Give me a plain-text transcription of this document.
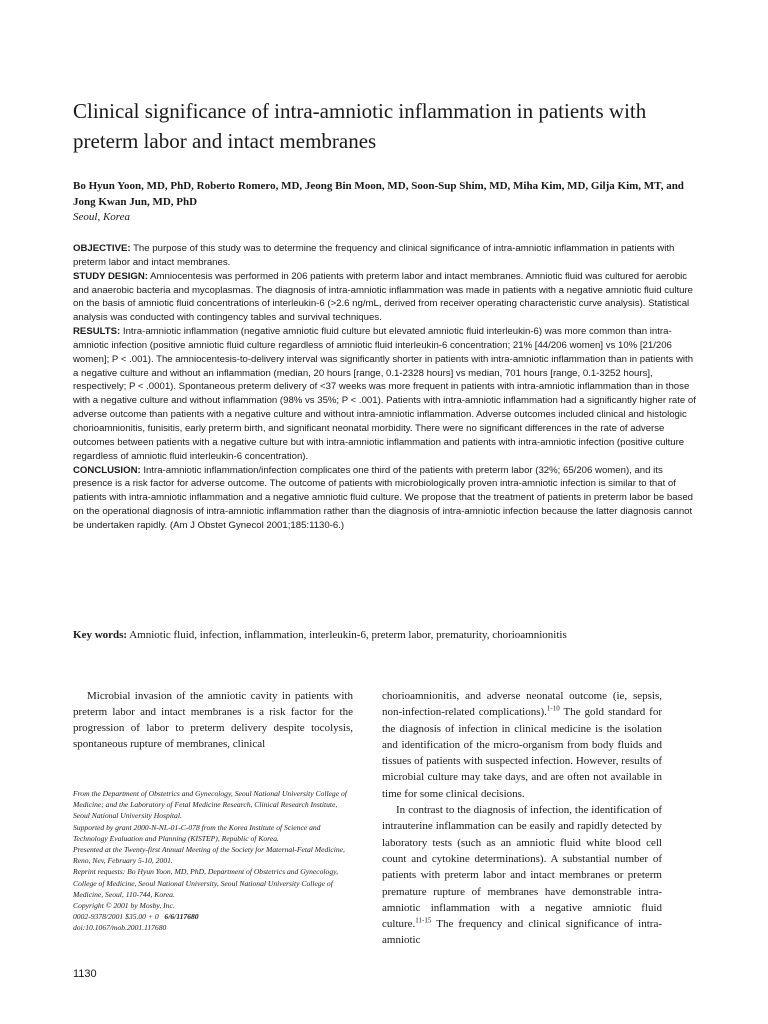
Clinical significance of intra-amniotic inflammation in patients with preterm labor and intact membranes

Bo Hyun Yoon, MD, PhD, Roberto Romero, MD, Jeong Bin Moon, MD, Soon-Sup Shim, MD, Miha Kim, MD, Gilja Kim, MT, and Jong Kwan Jun, MD, PhD

Seoul, Korea

OBJECTIVE: The purpose of this study was to determine the frequency and clinical significance of intra-amniotic inflammation in patients with preterm labor and intact membranes.

STUDY DESIGN: Amniocentesis was performed in 206 patients with preterm labor and intact membranes. Amniotic fluid was cultured for aerobic and anaerobic bacteria and mycoplasmas. The diagnosis of intra-amniotic inflammation was made in patients with a negative amniotic fluid culture on the basis of amniotic fluid concentrations of interleukin-6 (>2.6 ng/mL, derived from receiver operating characteristic curve analysis). Statistical analysis was conducted with contingency tables and survival techniques.

RESULTS: Intra-amniotic inflammation (negative amniotic fluid culture but elevated amniotic fluid interleukin-6) was more common than intra-amniotic infection (positive amniotic fluid culture regardless of amniotic fluid interleukin-6 concentration; 21% [44/206 women] vs 10% [21/206 women]; P < .001). The amniocentesis-to-delivery interval was significantly shorter in patients with intra-amniotic inflammation than in patients with a negative culture and without an inflammation (median, 20 hours [range, 0.1-2328 hours] vs median, 701 hours [range, 0.1-3252 hours], respectively; P < .0001). Spontaneous preterm delivery of <37 weeks was more frequent in patients with intra-amniotic inflammation than in those with a negative culture and without inflammation (98% vs 35%; P < .001). Patients with intra-amniotic inflammation had a significantly higher rate of adverse outcome than patients with a negative culture and without intra-amniotic inflammation. Adverse outcomes included clinical and histologic chorioamnionitis, funisitis, early preterm birth, and significant neonatal morbidity. There were no significant differences in the rate of adverse outcomes between patients with a negative culture but with intra-amniotic inflammation and patients with intra-amniotic infection (positive culture regardless of amniotic fluid interleukin-6 concentration).

CONCLUSION: Intra-amniotic inflammation/infection complicates one third of the patients with preterm labor (32%; 65/206 women), and its presence is a risk factor for adverse outcome. The outcome of patients with microbiologically proven intra-amniotic infection is similar to that of patients with intra-amniotic inflammation and a negative amniotic fluid culture. We propose that the treatment of patients in preterm labor be based on the operational diagnosis of intra-amniotic inflammation rather than the diagnosis of intra-amniotic infection because the latter diagnosis cannot be undertaken rapidly. (Am J Obstet Gynecol 2001;185:1130-6.)

Key words: Amniotic fluid, infection, inflammation, interleukin-6, preterm labor, prematurity, chorioamnionitis

Microbial invasion of the amniotic cavity in patients with preterm labor and intact membranes is a risk factor for the progression of labor to preterm delivery despite tocolysis, spontaneous rupture of membranes, clinical

From the Department of Obstetrics and Gynecology, Seoul National University College of Medicine; and the Laboratory of Fetal Medicine Research, Clinical Research Institute, Seoul National University Hospital.

Supported by grant 2000-N-NL-01-C-078 from the Korea Institute of Science and Technology Evaluation and Planning (KISTEP), Republic of Korea.

Presented at the Twenty-first Annual Meeting of the Society for Maternal-Fetal Medicine, Reno, Nev, February 5-10, 2001.

Reprint requests: Bo Hyun Yoon, MD, PhD, Department of Obstetrics and Gynecology, College of Medicine, Seoul National University, Seoul National University College of Medicine, Seoul, 110-744, Korea.

Copyright © 2001 by Mosby, Inc.

0002-9378/2001 $35.00 + 0 6/6/117680

doi:10.1067/mob.2001.117680

chorioamnionitis, and adverse neonatal outcome (ie, sepsis, non-infection-related complications).$^{1-10}$ The gold standard for the diagnosis of infection in clinical medicine is the isolation and identification of the micro-organism from body fluids and tissues of patients with suspected infection. However, results of microbial culture may take days, and are often not available in time for some clinical decisions.

In contrast to the diagnosis of infection, the identification of intrauterine inflammation can be easily and rapidly detected by laboratory tests (such as an amniotic fluid white blood cell count and cytokine determinations). A substantial number of patients with preterm labor and intact membranes or preterm premature rupture of membranes have demonstrable intra-amniotic inflammation with a negative amniotic fluid culture.$^{11-15}$ The frequency and clinical significance of intra-amniotic

1130
